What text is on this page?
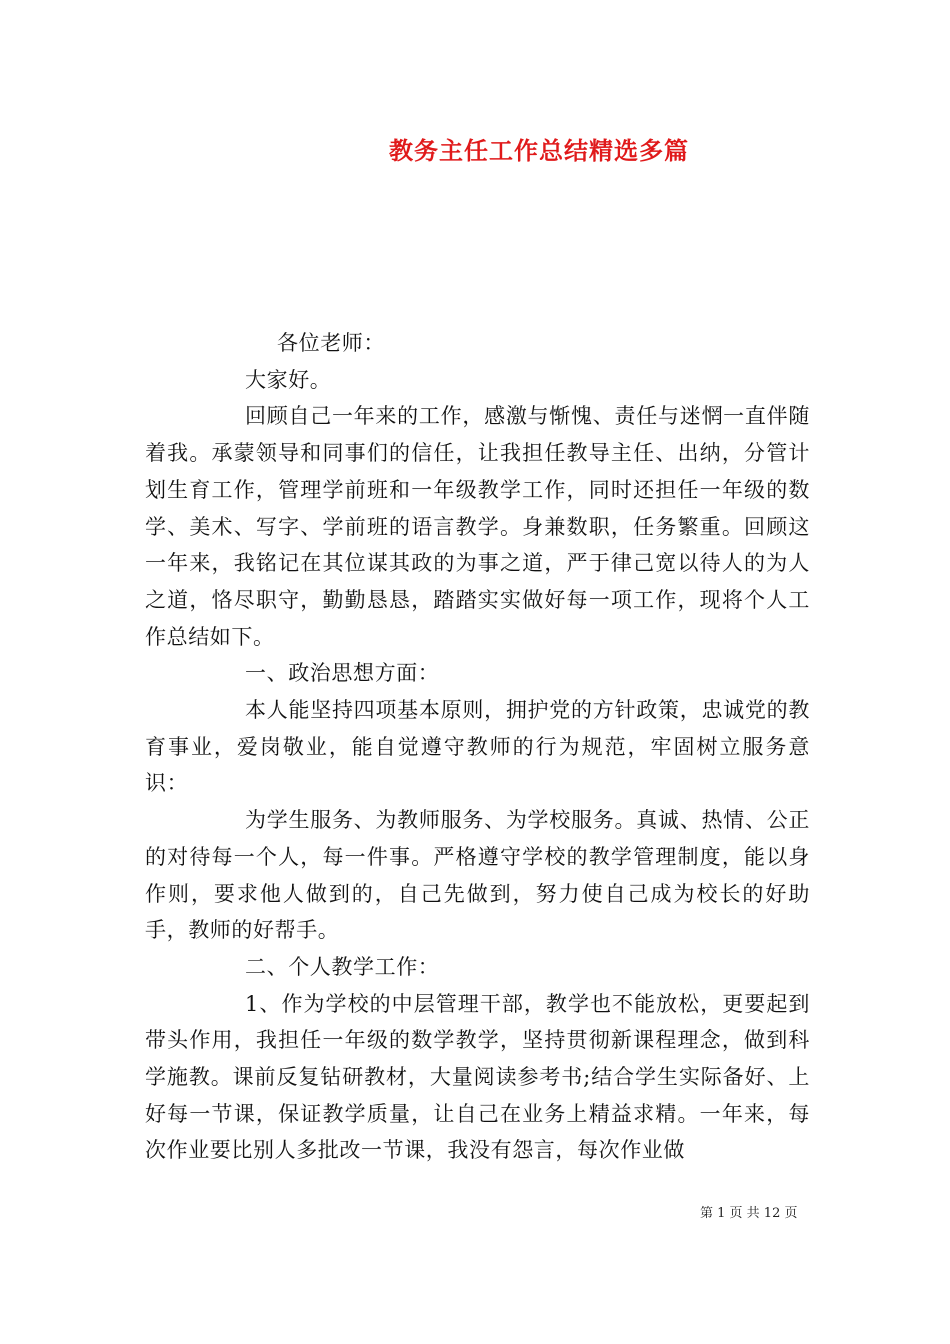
教务主任工作总结精选多篇

各位老师：

大家好。

回顾自己一年来的工作，感激与惭愧、责任与迷惘一直伴随着我。承蒙领导和同事们的信任，让我担任教导主任、出纳，分管计划生育工作，管理学前班和一年级教学工作，同时还担任一年级的数学、美术、写字、学前班的语言教学。身兼数职，任务繁重。回顾这一年来，我铭记在其位谋其政的为事之道，严于律己宽以待人的为人之道，恪尽职守，勤勤恳恳，踏踏实实做好每一项工作，现将个人工作总结如下。

一、政治思想方面：

本人能坚持四项基本原则，拥护党的方针政策，忠诚党的教育事业，爱岗敬业，能自觉遵守教师的行为规范，牢固树立服务意识：

为学生服务、为教师服务、为学校服务。真诚、热情、公正的对待每一个人，每一件事。严格遵守学校的教学管理制度，能以身作则，要求他人做到的，自己先做到，努力使自己成为校长的好助手，教师的好帮手。

二、个人教学工作：

1、作为学校的中层管理干部，教学也不能放松，更要起到带头作用，我担任一年级的数学教学，坚持贯彻新课程理念，做到科学施教。课前反复钻研教材，大量阅读参考书;结合学生实际备好、上好每一节课，保证教学质量，让自己在业务上精益求精。一年来，每次作业要比别人多批改一节课，我没有怨言，每次作业做

第 1 页 共 12 页
